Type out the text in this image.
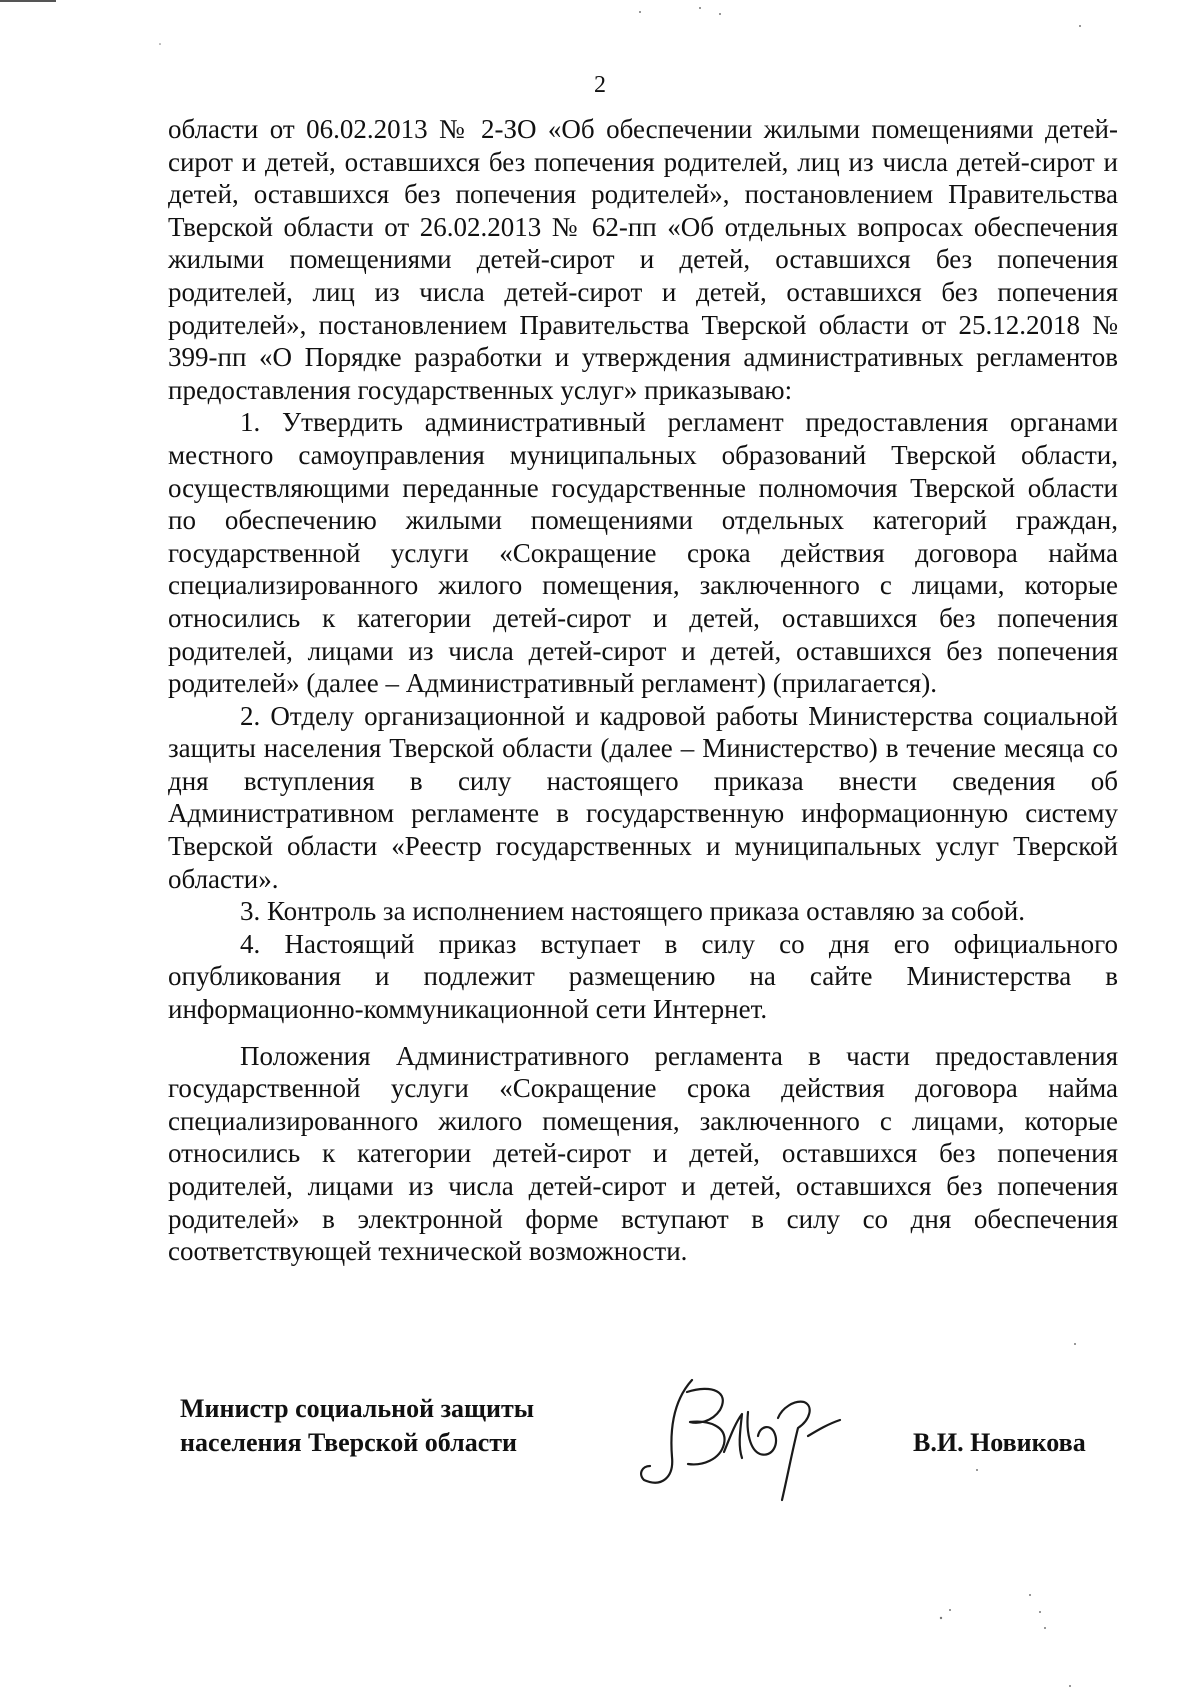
2

области от 06.02.2013 № 2-ЗО «Об обеспечении жилыми помещениями детей-сирот и детей, оставшихся без попечения родителей, лиц из числа детей-сирот и детей, оставшихся без попечения родителей», постановлением Правительства Тверской области от 26.02.2013 № 62-пп «Об отдельных вопросах обеспечения жилыми помещениями детей-сирот и детей, оставшихся без попечения родителей, лиц из числа детей-сирот и детей, оставшихся без попечения родителей», постановлением Правительства Тверской области от 25.12.2018 № 399-пп «О Порядке разработки и утверждения административных регламентов предоставления государственных услуг» приказываю:

1. Утвердить административный регламент предоставления органами местного самоуправления муниципальных образований Тверской области, осуществляющими переданные государственные полномочия Тверской области по обеспечению жилыми помещениями отдельных категорий граждан, государственной услуги «Сокращение срока действия договора найма специализированного жилого помещения, заключенного с лицами, которые относились к категории детей-сирот и детей, оставшихся без попечения родителей, лицами из числа детей-сирот и детей, оставшихся без попечения родителей» (далее – Административный регламент) (прилагается).

2. Отделу организационной и кадровой работы Министерства социальной защиты населения Тверской области (далее – Министерство) в течение месяца со дня вступления в силу настоящего приказа внести сведения об Административном регламенте в государственную информационную систему Тверской области «Реестр государственных и муниципальных услуг Тверской области».

3. Контроль за исполнением настоящего приказа оставляю за собой.

4. Настоящий приказ вступает в силу со дня его официального опубликования и подлежит размещению на сайте Министерства в информационно-коммуникационной сети Интернет.

Положения Административного регламента в части предоставления государственной услуги «Сокращение срока действия договора найма специализированного жилого помещения, заключенного с лицами, которые относились к категории детей-сирот и детей, оставшихся без попечения родителей, лицами из числа детей-сирот и детей, оставшихся без попечения родителей» в электронной форме вступают в силу со дня обеспечения соответствующей технической возможности.

Министр социальной защиты
населения Тверской области	В.И. Новикова
